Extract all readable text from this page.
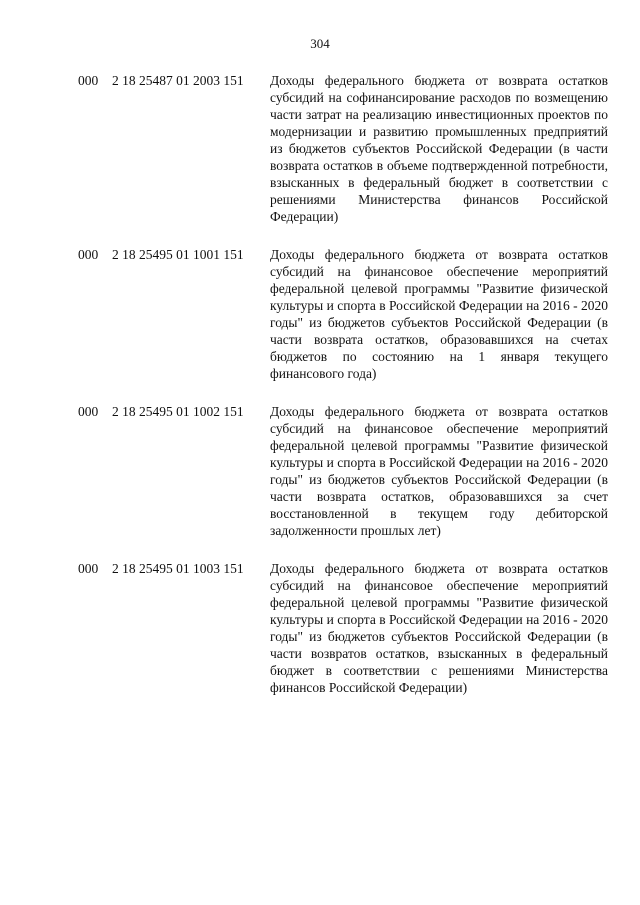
304
000	2 18 25487 01 2003 151	Доходы федерального бюджета от возврата остатков субсидий на софинансирование расходов по возмещению части затрат на реализацию инвестиционных проектов по модернизации и развитию промышленных предприятий из бюджетов субъектов Российской Федерации (в части возврата остатков в объеме подтвержденной потребности, взысканных в федеральный бюджет в соответствии с решениями Министерства финансов Российской Федерации)
000	2 18 25495 01 1001 151	Доходы федерального бюджета от возврата остатков субсидий на финансовое обеспечение мероприятий федеральной целевой программы "Развитие физической культуры и спорта в Российской Федерации на 2016 - 2020 годы" из бюджетов субъектов Российской Федерации (в части возврата остатков, образовавшихся на счетах бюджетов по состоянию на 1 января текущего финансового года)
000	2 18 25495 01 1002 151	Доходы федерального бюджета от возврата остатков субсидий на финансовое обеспечение мероприятий федеральной целевой программы "Развитие физической культуры и спорта в Российской Федерации на 2016 - 2020 годы" из бюджетов субъектов Российской Федерации (в части возврата остатков, образовавшихся за счет восстановленной в текущем году дебиторской задолженности прошлых лет)
000	2 18 25495 01 1003 151	Доходы федерального бюджета от возврата остатков субсидий на финансовое обеспечение мероприятий федеральной целевой программы "Развитие физической культуры и спорта в Российской Федерации на 2016 - 2020 годы" из бюджетов субъектов Российской Федерации (в части возвратов остатков, взысканных в федеральный бюджет в соответствии с решениями Министерства финансов Российской Федерации)
